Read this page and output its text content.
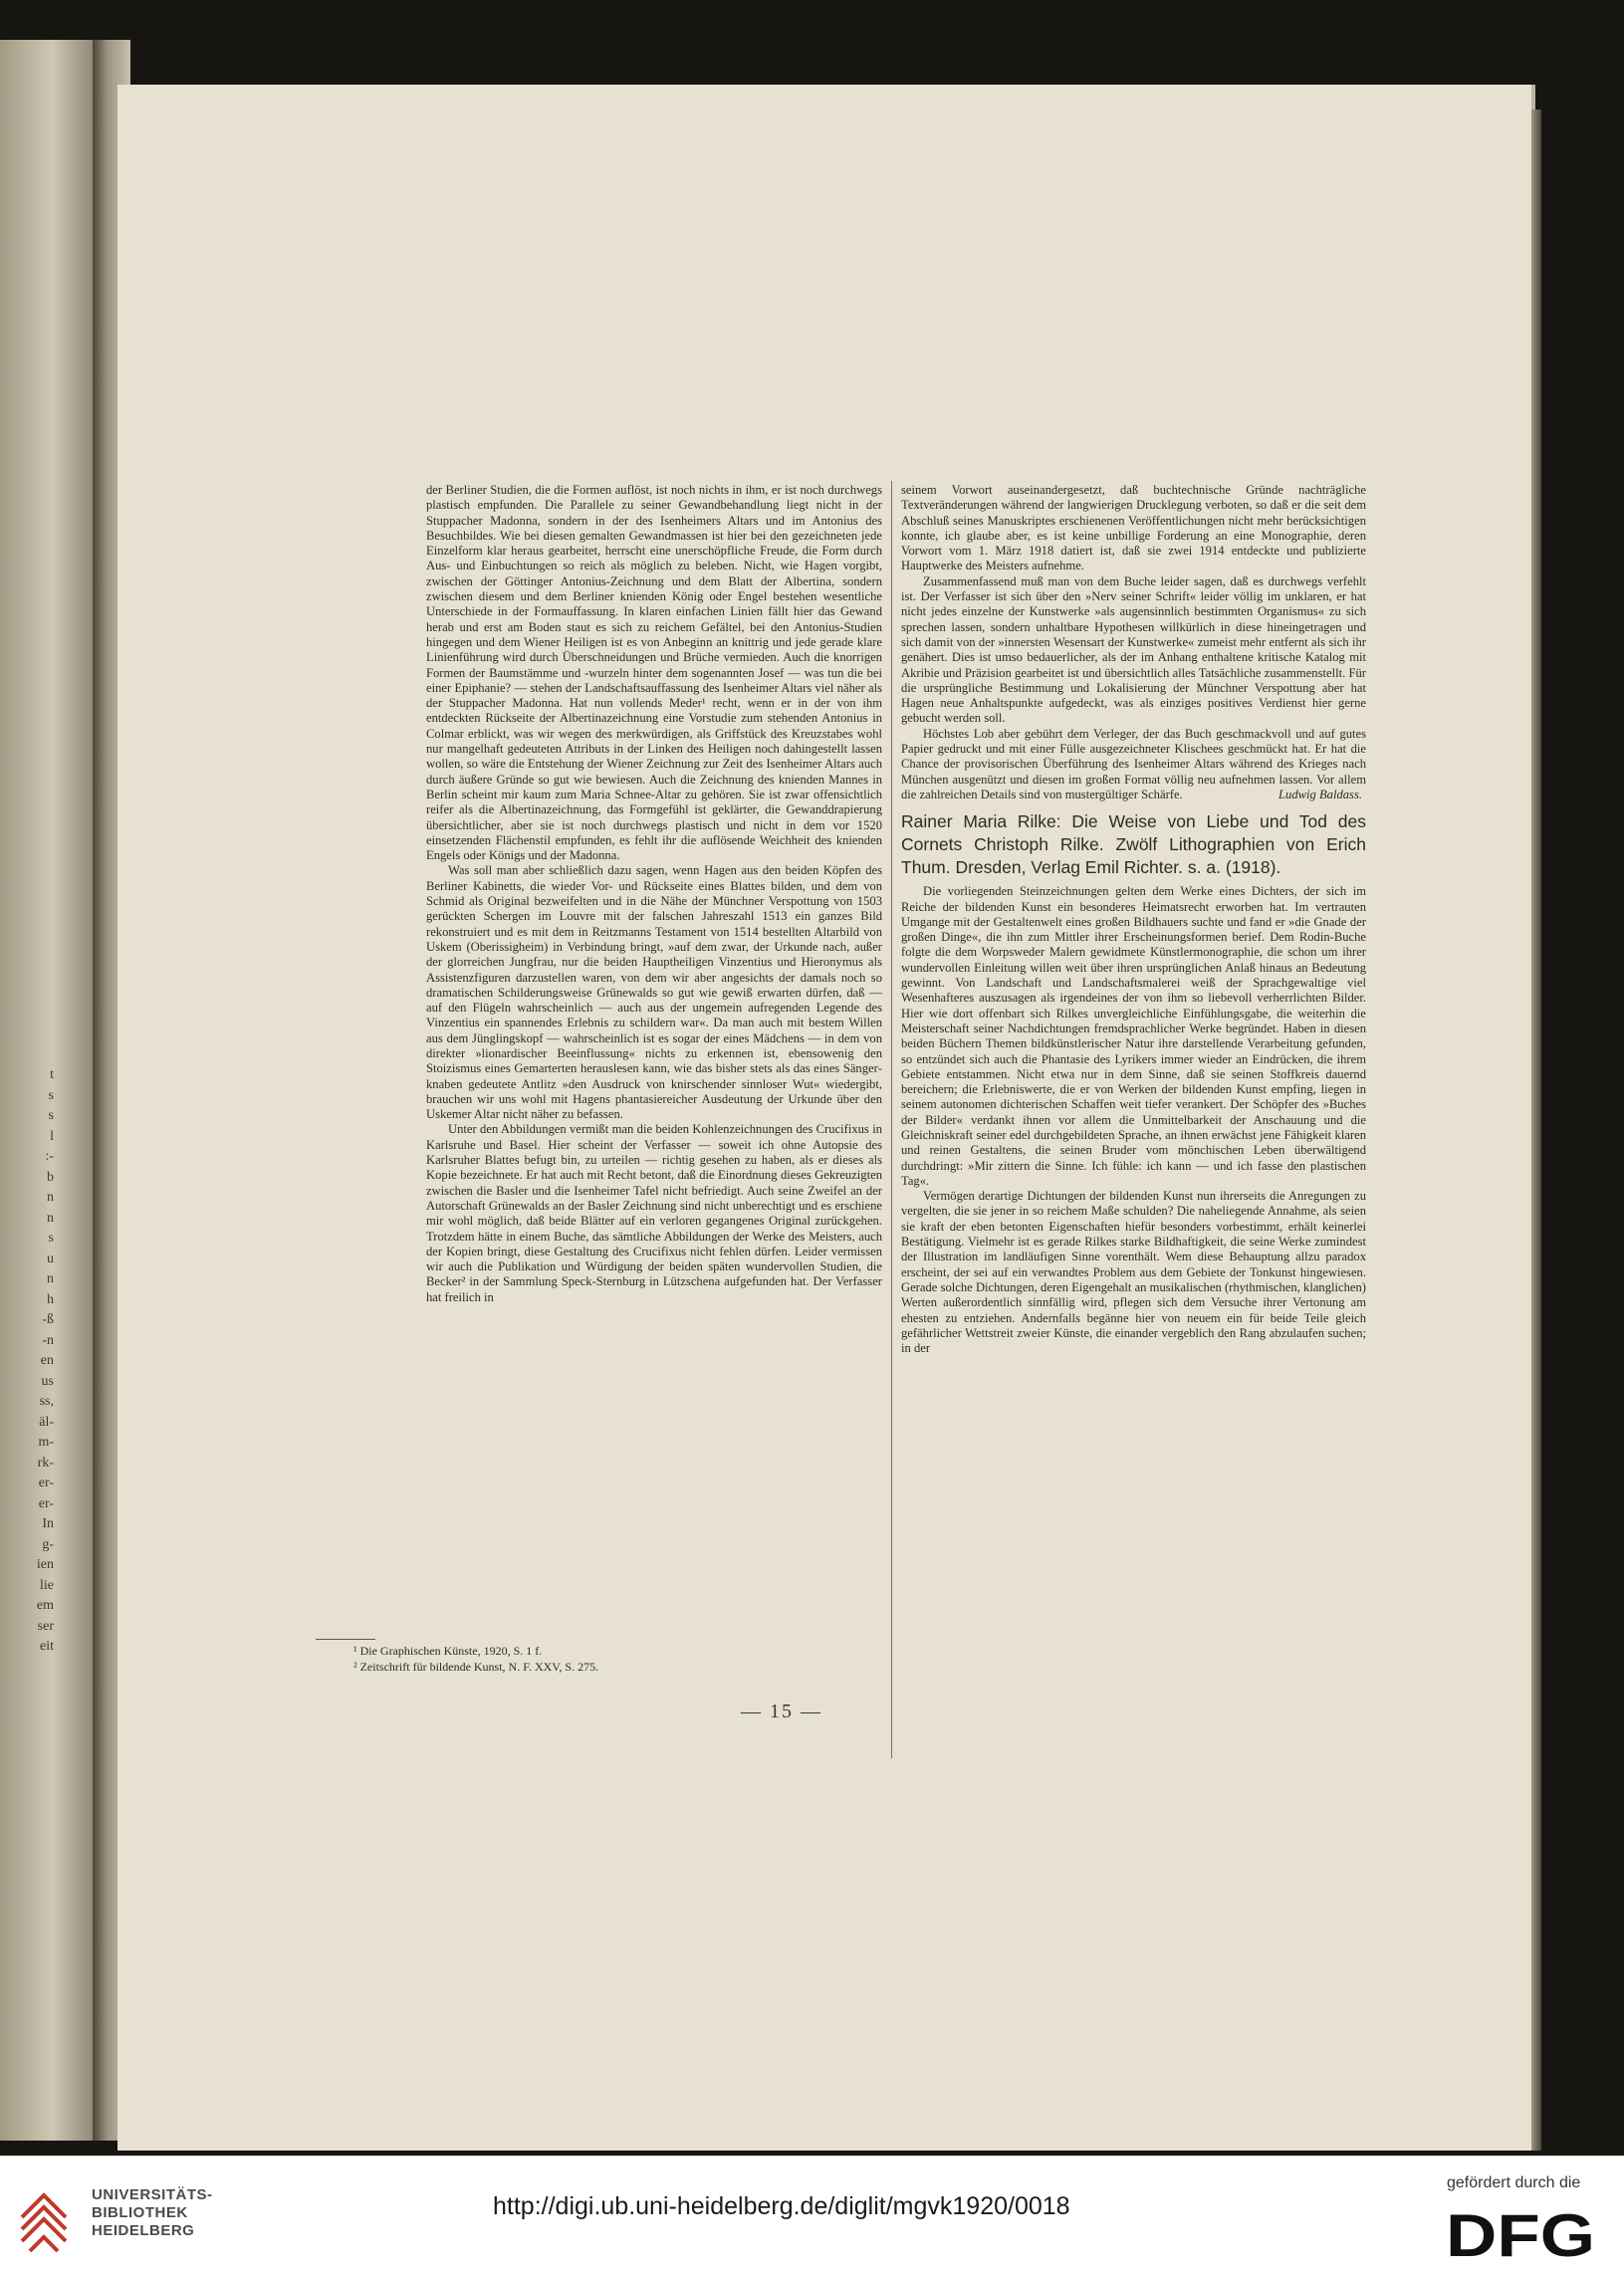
t
s
s
l
:-
b
n
n
s
u
n
h
-ß
-n
en
us
ss,
äl-
m-
rk-
er-
er-
In
g-
ien
lie
em
ser
eit

der Berliner Studien, die die Formen auflöst, ist noch nichts in ihm, er ist noch durchwegs plastisch empfunden. Die Parallele zu seiner Gewandbehandlung liegt nicht in der Stuppacher Madonna, sondern in der des Isenheimers Altars und im Antonius des Besuchbildes. Wie bei diesen gemalten Gewandmassen ist hier bei den gezeichneten jede Einzelform klar heraus gearbeitet, herrscht eine unerschöpfliche Freude, die Form durch Aus- und Einbuchtungen so reich als möglich zu beleben. Nicht, wie Hagen vorgibt, zwischen der Göttinger Antonius-Zeichnung und dem Blatt der Albertina, sondern zwischen diesem und dem Berliner knienden König oder Engel bestehen wesentliche Unterschiede in der Formauffassung. In klaren einfachen Linien fällt hier das Gewand herab und erst am Boden staut es sich zu reichem Gefältel, bei den Antonius-Studien hingegen und dem Wiener Heiligen ist es von Anbeginn an knittrig und jede gerade klare Linienführung wird durch Überschneidungen und Brüche vermieden. Auch die knorrigen Formen der Baumstämme und -wurzeln hinter dem sogenannten Josef — was tun die bei einer Epiphanie? — stehen der Landschaftsauffassung des Isenheimer Altars viel näher als der Stuppacher Madonna. Hat nun vollends Meder¹ recht, wenn er in der von ihm entdeckten Rückseite der Albertinazeichnung eine Vorstudie zum stehenden Antonius in Colmar erblickt, was wir wegen des merkwürdigen, als Griffstück des Kreuzstabes wohl nur mangelhaft gedeuteten Attributs in der Linken des Heiligen noch dahingestellt lassen wollen, so wäre die Entstehung der Wiener Zeichnung zur Zeit des Isenheimer Altars auch durch äußere Gründe so gut wie bewiesen. Auch die Zeichnung des knienden Mannes in Berlin scheint mir kaum zum Maria Schnee-Altar zu gehören. Sie ist zwar offensichtlich reifer als die Albertinazeichnung, das Formgefühl ist geklärter, die Gewanddrapierung übersichtlicher, aber sie ist noch durchwegs plastisch und nicht in dem vor 1520 einsetzenden Flächenstil empfunden, es fehlt ihr die auflösende Weichheit des knienden Engels oder Königs und der Madonna.

Was soll man aber schließlich dazu sagen, wenn Hagen aus den beiden Köpfen des Berliner Kabinetts, die wieder Vor- und Rückseite eines Blattes bilden, und dem von Schmid als Original bezweifelten und in die Nähe der Münchner Verspottung von 1503 gerückten Schergen im Louvre mit der falschen Jahreszahl 1513 ein ganzes Bild rekonstruiert und es mit dem in Reitzmanns Testament von 1514 bestellten Altarbild von Uskem (Oberissigheim) in Verbindung bringt, »auf dem zwar, der Urkunde nach, außer der glorreichen Jungfrau, nur die beiden Hauptheiligen Vinzentius und Hieronymus als Assistenzfiguren darzustellen waren, von dem wir aber angesichts der damals noch so dramatischen Schilderungsweise Grünewalds so gut wie gewiß erwarten dürfen, daß — auf den Flügeln wahrscheinlich — auch aus der ungemein aufregenden Legende des Vinzentius ein spannendes Erlebnis zu schildern war«. Da man auch mit bestem Willen aus dem Jünglingskopf — wahrscheinlich ist es sogar der eines Mädchens — in dem von direkter »lionardischer Beeinflussung« nichts zu erkennen ist, ebensowenig den Stoizismus eines Gemarterten herauslesen kann, wie das bisher stets als das eines Sängerknaben gedeutete Antlitz »den Ausdruck von knirschender sinnloser Wut« wiedergibt, brauchen wir uns wohl mit Hagens phantasiereicher Ausdeutung der Urkunde über den Uskemer Altar nicht näher zu befassen.

Unter den Abbildungen vermißt man die beiden Kohlenzeichnungen des Crucifixus in Karlsruhe und Basel. Hier scheint der Verfasser — soweit ich ohne Autopsie des Karlsruher Blattes befugt bin, zu urteilen — richtig gesehen zu haben, als er dieses als Kopie bezeichnete. Er hat auch mit Recht betont, daß die Einordnung dieses Gekreuzigten zwischen die Basler und die Isenheimer Tafel nicht befriedigt. Auch seine Zweifel an der Autorschaft Grünewalds an der Basler Zeichnung sind nicht unberechtigt und es erschiene mir wohl möglich, daß beide Blätter auf ein verloren gegangenes Original zurückgehen. Trotzdem hätte in einem Buche, das sämtliche Abbildungen der Werke des Meisters, auch der Kopien bringt, diese Gestaltung des Crucifixus nicht fehlen dürfen. Leider vermissen wir auch die Publikation und Würdigung der beiden späten wundervollen Studien, die Becker² in der Sammlung Speck-Sternburg in Lützschena aufgefunden hat. Der Verfasser hat freilich in

seinem Vorwort auseinandergesetzt, daß buchtechnische Gründe nachträgliche Textveränderungen während der langwierigen Drucklegung verboten, so daß er die seit dem Abschluß seines Manuskriptes erschienenen Veröffentlichungen nicht mehr berücksichtigen konnte, ich glaube aber, es ist keine unbillige Forderung an eine Monographie, deren Vorwort vom 1. März 1918 datiert ist, daß sie zwei 1914 entdeckte und publizierte Hauptwerke des Meisters aufnehme.

Zusammenfassend muß man von dem Buche leider sagen, daß es durchwegs verfehlt ist. Der Verfasser ist sich über den »Nerv seiner Schrift« leider völlig im unklaren, er hat nicht jedes einzelne der Kunstwerke »als augensinnlich bestimmten Organismus« zu sich sprechen lassen, sondern unhaltbare Hypothesen willkürlich in diese hineingetragen und sich damit von der »innersten Wesensart der Kunstwerke« zumeist mehr entfernt als sich ihr genähert. Dies ist umso bedauerlicher, als der im Anhang enthaltene kritische Katalog mit Akribie und Präzision gearbeitet ist und übersichtlich alles Tatsächliche zusammenstellt. Für die ursprüngliche Bestimmung und Lokalisierung der Münchner Verspottung aber hat Hagen neue Anhaltspunkte aufgedeckt, was als einziges positives Verdienst hier gerne gebucht werden soll.

Höchstes Lob aber gebührt dem Verleger, der das Buch geschmackvoll und auf gutes Papier gedruckt und mit einer Fülle ausgezeichneter Klischees geschmückt hat. Er hat die Chance der provisorischen Überführung des Isenheimer Altars während des Krieges nach München ausgenützt und diesen im großen Format völlig neu aufnehmen lassen. Vor allem die zahlreichen Details sind von mustergültiger Schärfe.	Ludwig Baldass.

Rainer Maria Rilke: Die Weise von Liebe und Tod des Cornets Christoph Rilke. Zwölf Lithographien von Erich Thum. Dresden, Verlag Emil Richter. s. a. (1918).

Die vorliegenden Steinzeichnungen gelten dem Werke eines Dichters, der sich im Reiche der bildenden Kunst ein besonderes Heimatsrecht erworben hat. Im vertrauten Umgange mit der Gestaltenwelt eines großen Bildhauers suchte und fand er »die Gnade der großen Dinge«, die ihn zum Mittler ihrer Erscheinungsformen berief. Dem Rodin-Buche folgte die dem Worpsweder Malern gewidmete Künstlermonographie, die schon um ihrer wundervollen Einleitung willen weit über ihren ursprünglichen Anlaß hinaus an Bedeutung gewinnt. Von Landschaft und Landschaftsmalerei weiß der Sprachgewaltige viel Wesenhafteres auszusagen als irgendeines der von ihm so liebevoll verherrlichten Bilder. Hier wie dort offenbart sich Rilkes unvergleichliche Einfühlungsgabe, die weiterhin die Meisterschaft seiner Nachdichtungen fremdsprachlicher Werke begründet. Haben in diesen beiden Büchern Themen bildkünstlerischer Natur ihre darstellende Verarbeitung gefunden, so entzündet sich auch die Phantasie des Lyrikers immer wieder an Eindrücken, die ihrem Gebiete entstammen. Nicht etwa nur in dem Sinne, daß sie seinen Stoffkreis dauernd bereichern; die Erlebniswerte, die er von Werken der bildenden Kunst empfing, liegen in seinem autonomen dichterischen Schaffen weit tiefer verankert. Der Schöpfer des »Buches der Bilder« verdankt ihnen vor allem die Unmittelbarkeit der Anschauung und die Gleichniskraft seiner edel durchgebildeten Sprache, an ihnen erwächst jene Fähigkeit klaren und reinen Gestaltens, die seinen Bruder vom mönchischen Leben überwältigend durchdringt: »Mir zittern die Sinne. Ich fühle: ich kann — und ich fasse den plastischen Tag«.

Vermögen derartige Dichtungen der bildenden Kunst nun ihrerseits die Anregungen zu vergelten, die sie jener in so reichem Maße schulden? Die naheliegende Annahme, als seien sie kraft der eben betonten Eigenschaften hiefür besonders vorbestimmt, erhält keinerlei Bestätigung. Vielmehr ist es gerade Rilkes starke Bildhaftigkeit, die seine Werke zumindest der Illustration im landläufigen Sinne vorenthält. Wem diese Behauptung allzu paradox erscheint, der sei auf ein verwandtes Problem aus dem Gebiete der Tonkunst hingewiesen. Gerade solche Dichtungen, deren Eigengehalt an musikalischen (rhythmischen, klanglichen) Werten außerordentlich sinnfällig wird, pflegen sich dem Versuche ihrer Vertonung am ehesten zu entziehen. Andernfalls begänne hier von neuem ein für beide Teile gleich gefährlicher Wettstreit zweier Künste, die einander vergeblich den Rang abzulaufen suchen; in der

¹ Die Graphischen Künste, 1920, S. 1 f.
² Zeitschrift für bildende Kunst, N. F. XXV, S. 275.
— 15 —
UNIVERSITÄTS-
BIBLIOTHEK
HEIDELBERG
http://digi.ub.uni-heidelberg.de/diglit/mgvk1920/0018
gefördert durch die
DFG
